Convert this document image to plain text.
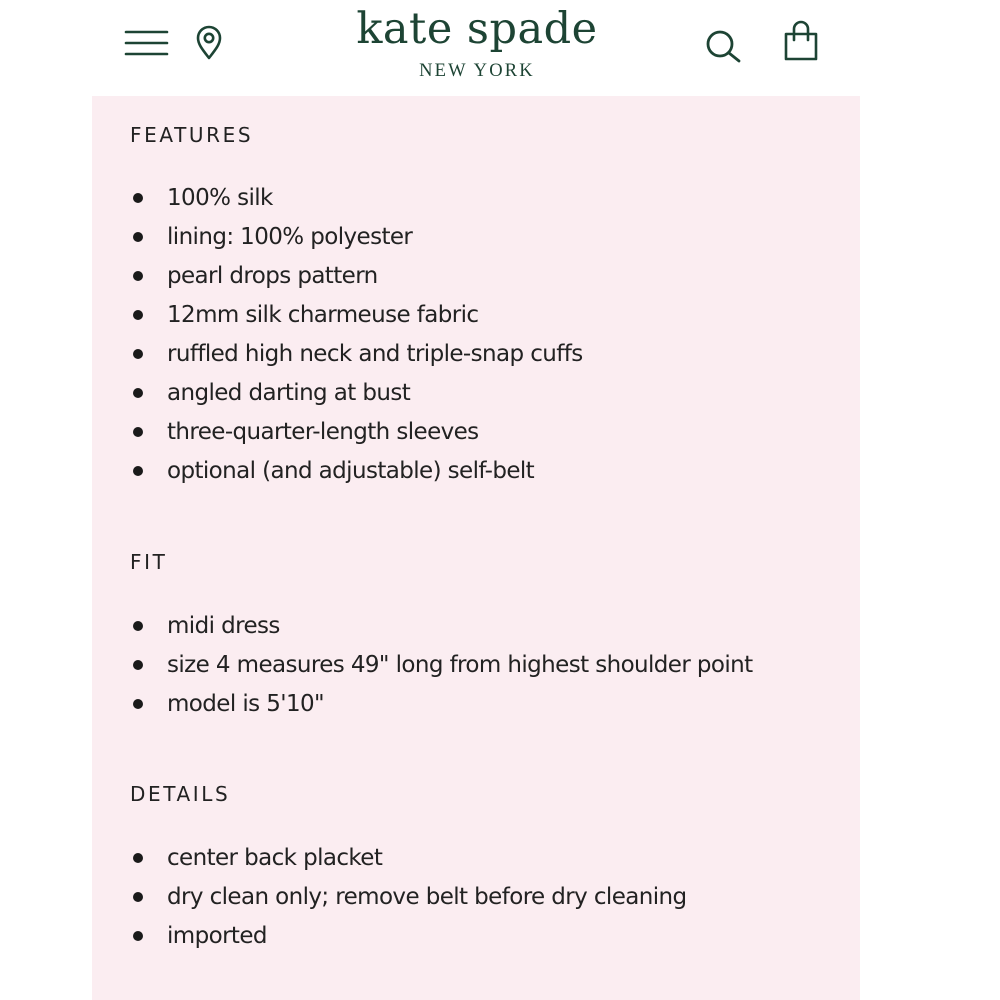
kate spade
NEW YORK
FEATURES
100% silk
lining: 100% polyester
pearl drops pattern
12mm silk charmeuse fabric
ruffled high neck and triple-snap cuffs
angled darting at bust
three-quarter-length sleeves
optional (and adjustable) self-belt
FIT
midi dress
size 4 measures 49" long from highest shoulder point
model is 5'10"
DETAILS
center back placket
dry clean only; remove belt before dry cleaning
imported
